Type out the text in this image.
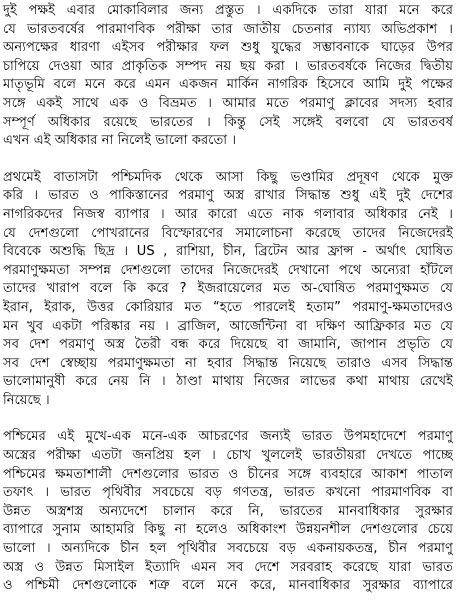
দুই পক্ষই এবার মোকাবিলার জন্য প্রস্তুত । একদিকে তারা যারা মনে করে
যে ভারতবর্ষের পারমাণবিক পরীক্ষা তার জাতীয় চেতনার ন্যায্য অভিপ্রকাশ ।
অন্যপক্ষের ধারণা এইসব পরীক্ষার ফল শুধু যুদ্ধের সম্ভাবনাকে ঘাড়ের উপর
চাপিয়ে দেওয়া আর প্রাকৃতিক সম্পদ নয় ছয় করা । ভারতবর্ষকে নিজের দ্বিতীয়
মাতৃভূমি বলে মনে করে এমন একজন মার্কিন নাগরিক হিসেবে আমি দুই পক্ষের
সঙ্গে একই সাথে এক ও বিভ্রমত । আমার মতে পরমাণু ক্লাবের সদস্য হবার
সম্পূর্ণ অধিকার রয়েছে ভারতের । কিন্তু সেই সঙ্গেই বলবো যে ভারতবর্ষ
এখন এই অধিকার না নিলেই ভালো করতো ।

প্রথমেই বাতাসটা পশ্চিমদিক থেকে আসা কিছু ভণ্ডামির প্রদূষণ থেকে মুক্ত
করি । ভারত ও পাকিস্তানের পরমাণু অস্ত্র রাখার সিদ্ধান্ত শুধু এই দুই দেশের
নাগরিকদের নিজস্ব ব্যাপার । আর কারো এতে নাক গলাবার অধিকার নেই ।
যে দেশগুলো পোখরানের বিস্ফোরণের সমালোচনা করেছে তাদের নিজেদেরই
বিবেকে অশুদ্ধি ছিদ্র । US , রাশিয়া, চীন, ব্রিটেন আর ফ্রান্স - অর্থাৎ ঘোষিত
পরমাণুক্ষমতা সম্পন্ন দেশগুলো তাদের নিজেদেরই দেখানো পথে অন্যেরা হাঁটলে
তাদের খারাপ বলে কি করে ? ইজরায়েলের মত অ-ঘোষিত পরমাণুক্ষমত যে
ইরান, ইরাক, উত্তর কোরিয়ার মত “হতে পারলেই হতাম” পরমাণু-ক্ষমতাদেরও
মন খুব একটা পরিষ্কার নয় । ব্রাজিল, আর্জেন্টিনা বা দক্ষিণ আফ্রিকার মত যে
সব দেশ পরমাণু অস্ত্র তৈরী বন্ধ করে দিয়েছে বা জামানি, জাপান প্রভৃতি যে
সব দেশ স্বেচ্ছায় পরমাণুক্ষমতা না হবার সিদ্ধান্ত নিয়েছে তারাও এসব সিদ্ধান্ত
ভালোমানুষী করে নেয় নি । ঠাণ্ডা মাথায় নিজের লাভের কথা মাথায় রেখেই
নিয়েছে ।

পশ্চিমের এই মুখে-এক মনে-এক আচরণের জন্যই ভারত উপমহাদেশে পরমাণু
অস্ত্রের পরীক্ষা এতটা জনপ্রিয় হল । চোখ খুললেই ভারতীয়রা দেখতে পাচ্ছে
পশ্চিমের ক্ষমতাশালী দেশগুলোর ভারত ও চীনের সঙ্গে ব্যবহারে আকাশ পাতাল
তফাৎ । ভারত পৃথিবীর সবচেয়ে বড় গণতন্ত্র, ভারত কখনো পারমাণবিক বা
উন্নত অস্ত্রশস্ত্র অন্যদেশে চালান করে নি, ভারতের মানবাধিকার সুরক্ষার
ব্যাপারে সুনাম আহামরি কিছু না হলেও অধিকাংশ উন্নয়নশীল দেশগুলোর চেয়ে
ভালো । অন্যদিকে চীন হল পৃথিবীর সবচেয়ে বড় একনায়কতন্ত্র, চীন পরমাণু
অস্ত্র ও উন্নত মিসাইল ইত্যাদি এমন সব দেশে সরবরাহ করেছে যারা ভারত
ও পশ্চিমী দেশগুলোকে শত্রু বলে মনে করে, মানবাধিকার সুরক্ষার ব্যাপারে
